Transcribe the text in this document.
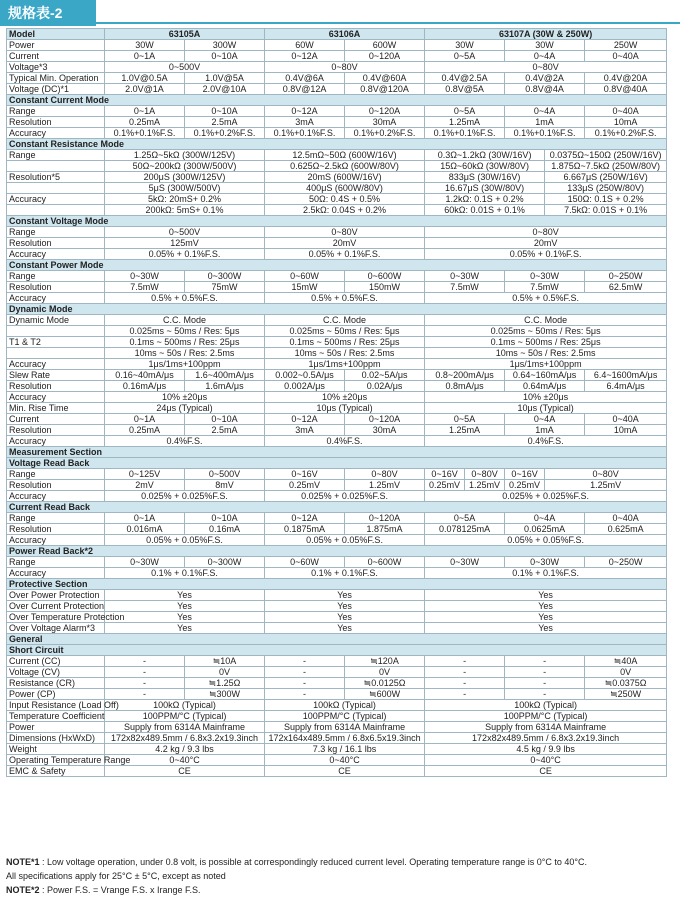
规格表-2
Model	63105A		63106A		63107A (30W & 250W)				
Power	30W	300W	60W	600W	30W		30W		250W
Current	0~1A	0~10A	0~12A	0~120A	0~5A		0~4A		0~40A
Voltage*3	0~500V		0~80V		0~80V				
Typical Min. Operation	1.0V@0.5A	1.0V@5A	0.4V@6A	0.4V@60A	0.4V@2.5A		0.4V@2A		0.4V@20A
Voltage (DC)*1	2.0V@1A	2.0V@10A	0.8V@12A	0.8V@120A	0.8V@5A		0.8V@4A		0.8V@40A
Constant Current Mode									
Range	0~1A	0~10A	0~12A	0~120A	0~5A		0~4A		0~40A
Resolution	0.25mA	2.5mA	3mA	30mA	1.25mA		1mA		10mA
Accuracy	0.1%+0.1%F.S.	0.1%+0.2%F.S.	0.1%+0.1%F.S.	0.1%+0.2%F.S.	0.1%+0.1%F.S.		0.1%+0.1%F.S.		0.1%+0.2%F.S.
Constant Resistance Mode									
Range	1.25Ω~5kΩ (300W/125V)		12.5mΩ~50Ω (600W/16V)		0.3Ω~1.2kΩ (30W/16V)			0.0375Ω~150Ω (250W/16V)	
	50Ω~200kΩ (300W/500V)		0.625Ω~2.5kΩ (600W/80V)		15Ω~60kΩ (30W/80V)			1.875Ω~7.5kΩ (250W/80V)	
Resolution*5	200μS (300W/125V)		20mS (600W/16V)		833μS (30W/16V)			6.667μS (250W/16V)	
	5μS (300W/500V)		400μS (600W/80V)		16.67μS (30W/80V)			133μS (250W/80V)	
Accuracy	5kΩ: 20mS+ 0.2%		50Ω: 0.4S + 0.5%		1.2kΩ: 0.1S + 0.2%			150Ω: 0.1S + 0.2%	
	200kΩ: 5mS+ 0.1%		2.5kΩ: 0.04S + 0.2%		60kΩ: 0.01S + 0.1%			7.5kΩ: 0.01S + 0.1%	
Constant Voltage Mode									
Range	0~500V		0~80V		0~80V				
Resolution	125mV		20mV		20mV				
Accuracy	0.05% + 0.1%F.S.		0.05% + 0.1%F.S.		0.05% + 0.1%F.S.				
Constant Power Mode									
Range	0~30W	0~300W	0~60W	0~600W	0~30W		0~30W		0~250W
Resolution	7.5mW	75mW	15mW	150mW	7.5mW		7.5mW		62.5mW
Accuracy	0.5% + 0.5%F.S.		0.5% + 0.5%F.S.		0.5% + 0.5%F.S.				
Dynamic Mode									
Dynamic Mode	C.C. Mode		C.C. Mode		C.C. Mode				
	0.025ms ~ 50ms / Res: 5μs		0.025ms ~ 50ms / Res: 5μs		0.025ms ~ 50ms / Res: 5μs				
T1 & T2	0.1ms ~ 500ms / Res: 25μs		0.1ms ~ 500ms / Res: 25μs		0.1ms ~ 500ms / Res: 25μs				
	10ms ~ 50s / Res: 2.5ms		10ms ~ 50s / Res: 2.5ms		10ms ~ 50s / Res: 2.5ms				
Accuracy	1μs/1ms+100ppm		1μs/1ms+100ppm		1μs/1ms+100ppm				
Slew Rate	0.16~40mA/μs	1.6~400mA/μs	0.002~0.5A/μs	0.02~5A/μs	0.8~200mA/μs		0.64~160mA/μs		6.4~1600mA/μs
Resolution	0.16mA/μs	1.6mA/μs	0.002A/μs	0.02A/μs	0.8mA/μs		0.64mA/μs		6.4mA/μs
Accuracy	10% ±20μs		10% ±20μs		10% ±20μs				
Min. Rise Time	24μs (Typical)		10μs (Typical)		10μs (Typical)				
Current	0~1A	0~10A	0~12A	0~120A	0~5A		0~4A		0~40A
Resolution	0.25mA	2.5mA	3mA	30mA	1.25mA		1mA		10mA
Accuracy	0.4%F.S.		0.4%F.S.		0.4%F.S.				
Measurement Section									
Voltage Read Back									
Range	0~125V	0~500V	0~16V	0~80V	0~16V	0~80V	0~16V	0~80V	
Resolution	2mV	8mV	0.25mV	1.25mV	0.25mV	1.25mV	0.25mV	1.25mV	
Accuracy	0.025% + 0.025%F.S.		0.025% + 0.025%F.S.		0.025% + 0.025%F.S.				
Current Read Back									
Range	0~1A	0~10A	0~12A	0~120A	0~5A		0~4A		0~40A
Resolution	0.016mA	0.16mA	0.1875mA	1.875mA	0.078125mA		0.0625mA		0.625mA
Accuracy	0.05% + 0.05%F.S.		0.05% + 0.05%F.S.		0.05% + 0.05%F.S.				
Power Read Back*2									
Range	0~30W	0~300W	0~60W	0~600W	0~30W		0~30W		0~250W
Accuracy	0.1% + 0.1%F.S.		0.1% + 0.1%F.S.		0.1% + 0.1%F.S.				
Protective Section									
Over Power Protection	Yes		Yes		Yes				
Over Current Protection	Yes		Yes		Yes				
Over Temperature Protection	Yes		Yes		Yes				
Over Voltage Alarm*3	Yes		Yes		Yes				
General									
Short Circuit									
Current (CC)	-	≒10A	-	≒120A	-		-		≒40A
Voltage (CV)	-	0V	-	0V	-		-		0V
Resistance (CR)	-	≒1.25Ω	-	≒0.0125Ω	-		-		≒0.0375Ω
Power (CP)	-	≒300W	-	≒600W	-		-		≒250W
Input Resistance (Load Off)	100kΩ (Typical)		100kΩ (Typical)		100kΩ (Typical)				
Temperature Coefficient	100PPM/°C (Typical)		100PPM/°C (Typical)		100PPM/°C (Typical)				
Power	Supply from 6314A Mainframe		Supply from 6314A Mainframe		Supply from 6314A Mainframe				
Dimensions (HxWxD)	172x82x489.5mm / 6.8x3.2x19.3inch		172x164x489.5mm / 6.8x6.5x19.3inch		172x82x489.5mm / 6.8x3.2x19.3inch				
Weight	4.2 kg / 9.3 lbs		7.3 kg / 16.1 lbs		4.5 kg / 9.9 lbs				
Operating Temperature Range	0~40°C		0~40°C		0~40°C				
EMC & Safety	CE		CE		CE				
NOTE*1 : Low voltage operation, under 0.8 volt, is possible at correspondingly reduced current level. Operating temperature range is 0°C to 40°C.
All specifications apply for 25°C ± 5°C, except as noted
NOTE*2 : Power F.S. = Vrange F.S. x Irange F.S.
